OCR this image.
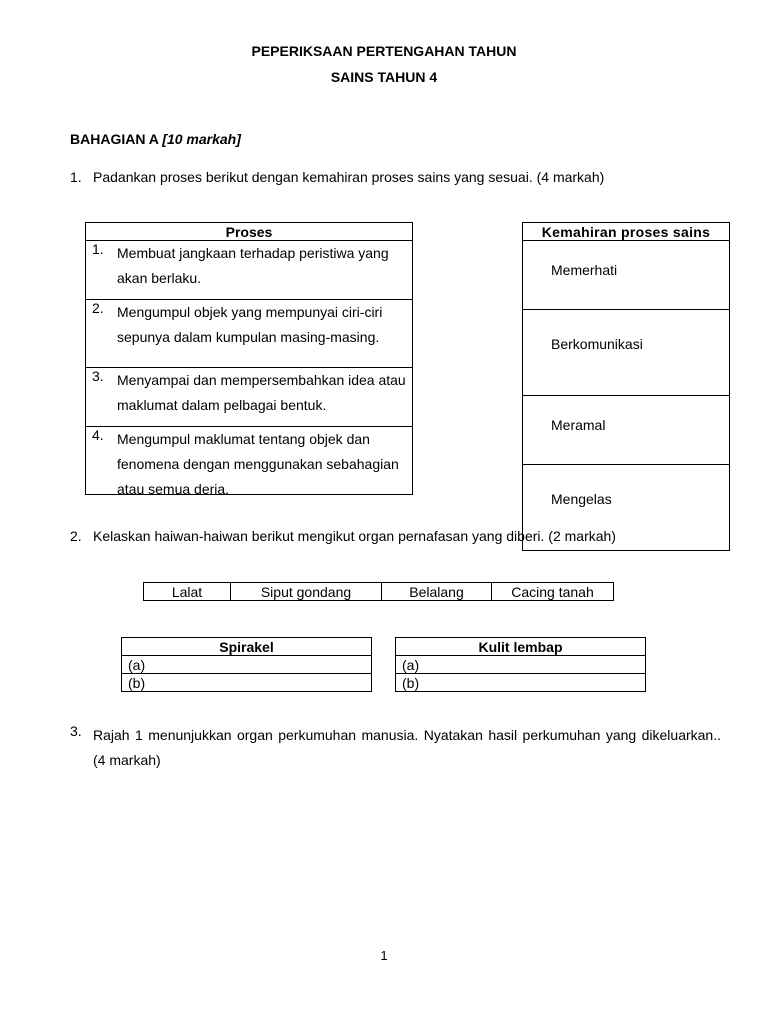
PEPERIKSAAN PERTENGAHAN TAHUN
SAINS TAHUN 4
BAHAGIAN A [10 markah]
1. Padankan proses berikut dengan kemahiran proses sains yang sesuai. (4 markah)
Proses

1. Membuat jangkaan terhadap peristiwa yang akan berlaku.

2. Mengumpul objek yang mempunyai ciri-ciri sepunya dalam kumpulan masing-masing.

3. Menyampai dan mempersembahkan idea atau maklumat dalam pelbagai bentuk.

4. Mengumpul maklumat tentang objek dan fenomena dengan menggunakan sebahagian atau semua deria.
Kemahiran proses sains
Memerhati
Berkomunikasi
Meramal
Mengelas
2. Kelaskan haiwan-haiwan berikut mengikut organ pernafasan yang diberi. (2 markah)
Lalat	Siput gondang	Belalang	Cacing tanah
Spirakel
(a)
(b)
Kulit lembap
(a)
(b)
3. Rajah 1 menunjukkan organ perkumuhan manusia. Nyatakan hasil perkumuhan yang dikeluarkan.. (4 markah)
1
